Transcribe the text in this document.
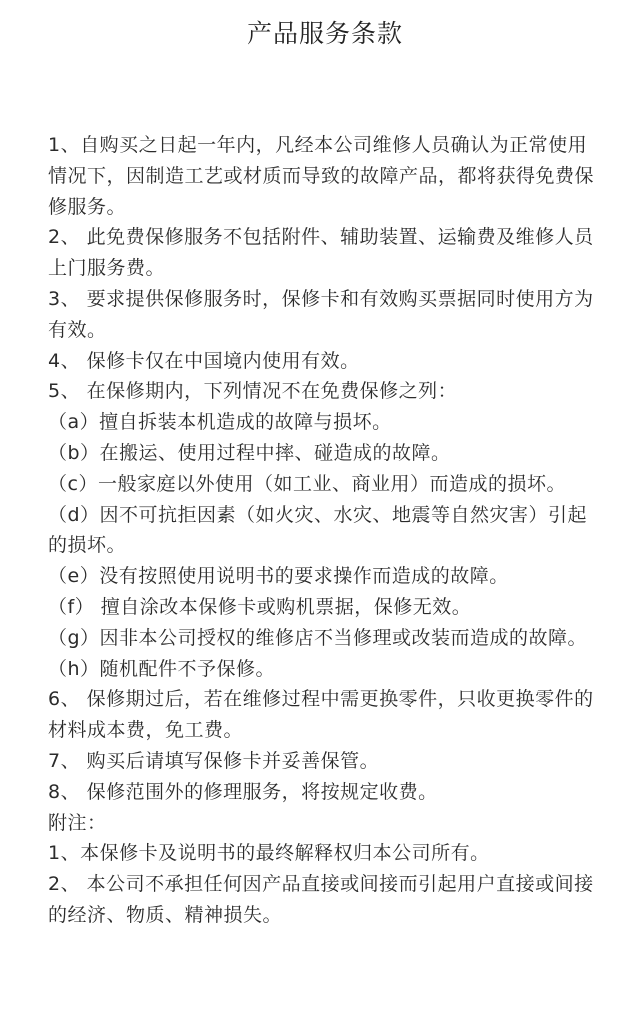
产品服务条款

1、自购买之日起一年内，凡经本公司维修人员确认为正常使用情况下，因制造工艺或材质而导致的故障产品，都将获得免费保修服务。

2、 此免费保修服务不包括附件、辅助装置、运输费及维修人员上门服务费。

3、 要求提供保修服务时，保修卡和有效购买票据同时使用方为有效。

4、 保修卡仅在中国境内使用有效。

5、 在保修期内，下列情况不在免费保修之列：

（a）擅自拆装本机造成的故障与损坏。

（b）在搬运、使用过程中摔、碰造成的故障。

（c）一般家庭以外使用（如工业、商业用）而造成的损坏。

（d）因不可抗拒因素（如火灾、水灾、地震等自然灾害）引起的损坏。

（e）没有按照使用说明书的要求操作而造成的故障。

（f） 擅自涂改本保修卡或购机票据，保修无效。

（g）因非本公司授权的维修店不当修理或改装而造成的故障。

（h）随机配件不予保修。

6、 保修期过后，若在维修过程中需更换零件，只收更换零件的材料成本费，免工费。

7、 购买后请填写保修卡并妥善保管。

8、 保修范围外的修理服务，将按规定收费。

附注：

1、本保修卡及说明书的最终解释权归本公司所有。

2、 本公司不承担任何因产品直接或间接而引起用户直接或间接的经济、物质、精神损失。
